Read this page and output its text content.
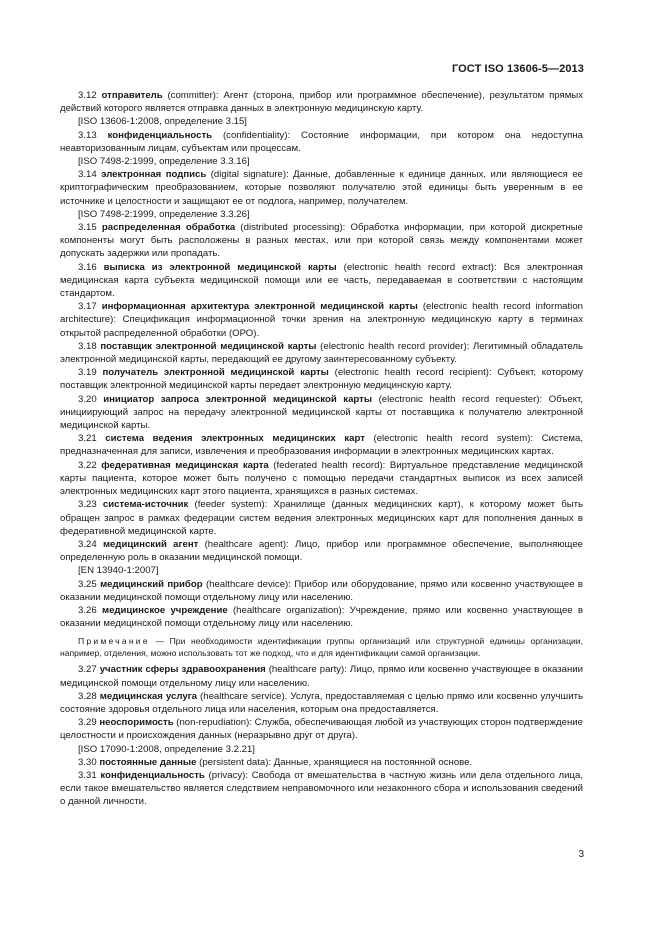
ГОСТ ISO 13606-5—2013

3.12 отправитель (committer): Агент (сторона, прибор или программное обеспечение), результатом прямых действий которого является отправка данных в электронную медицинскую карту.

[ISO 13606-1:2008, определение 3.15]

3.13 конфиденциальность (confidentiality): Состояние информации, при котором она недоступна неавторизованным лицам, субъектам или процессам.

[ISO 7498-2:1999, определение 3.3.16]

3.14 электронная подпись (digital signature): Данные, добавленные к единице данных, или являющиеся ее криптографическим преобразованием, которые позволяют получателю этой единицы быть уверенным в ее источнике и целостности и защищают ее от подлога, например, получателем.

[ISO 7498-2:1999, определение 3.3.26]

3.15 распределенная обработка (distributed processing): Обработка информации, при которой дискретные компоненты могут быть расположены в разных местах, или при которой связь между компонентами может допускать задержки или пропадать.

3.16 выписка из электронной медицинской карты (electronic health record extract): Вся электронная медицинская карта субъекта медицинской помощи или ее часть, передаваемая в соответствии с настоящим стандартом.

3.17 информационная архитектура электронной медицинской карты (electronic health record information architecture): Спецификация информационной точки зрения на электронную медицинскую карту в терминах открытой распределенной обработки (ОРО).

3.18 поставщик электронной медицинской карты (electronic health record provider): Легитимный обладатель электронной медицинской карты, передающий ее другому заинтересованному субъекту.

3.19 получатель электронной медицинской карты (electronic health record recipient): Субъект, которому поставщик электронной медицинской карты передает электронную медицинскую карту.

3.20 инициатор запроса электронной медицинской карты (electronic health record requester): Объект, инициирующий запрос на передачу электронной медицинской карты от поставщика к получателю электронной медицинской карты.

3.21 система ведения электронных медицинских карт (electronic health record system): Система, предназначенная для записи, извлечения и преобразования информации в электронных медицинских картах.

3.22 федеративная медицинская карта (federated health record): Виртуальное представление медицинской карты пациента, которое может быть получено с помощью передачи стандартных выписок из всех записей электронных медицинских карт этого пациента, хранящихся в разных системах.

3.23 система-источник (feeder system): Хранилище (данных медицинских карт), к которому может быть обращен запрос в рамках федерации систем ведения электронных медицинских карт для пополнения данных в федеративной медицинской карте.

3.24 медицинский агент (healthcare agent): Лицо, прибор или программное обеспечение, выполняющее определенную роль в оказании медицинской помощи.

[EN 13940-1:2007]

3.25 медицинский прибор (healthcare device): Прибор или оборудование, прямо или косвенно участвующее в оказании медицинской помощи отдельному лицу или населению.

3.26 медицинское учреждение (healthcare organization): Учреждение, прямо или косвенно участвующее в оказании медицинской помощи отдельному лицу или населению.

Примечание — При необходимости идентификации группы организаций или структурной единицы организации, например, отделения, можно использовать тот же подход, что и для идентификации самой организации.

3.27 участник сферы здравоохранения (healthcare party): Лицо, прямо или косвенно участвующее в оказании медицинской помощи отдельному лицу или населению.

3.28 медицинская услуга (healthcare service). Услуга, предоставляемая с целью прямо или косвенно улучшить состояние здоровья отдельного лица или населения, которым она предоставляется.

3.29 неоспоримость (non-repudiation): Служба, обеспечивающая любой из участвующих сторон подтверждение целостности и происхождения данных (неразрывно друг от друга).

[ISO 17090-1:2008, определение 3.2.21]

3.30 постоянные данные (persistent data): Данные, хранящиеся на постоянной основе.

3.31 конфиденциальность (privacy): Свобода от вмешательства в частную жизнь или дела отдельного лица, если такое вмешательство является следствием неправомочного или незаконного сбора и использования сведений о данной личности.

3
